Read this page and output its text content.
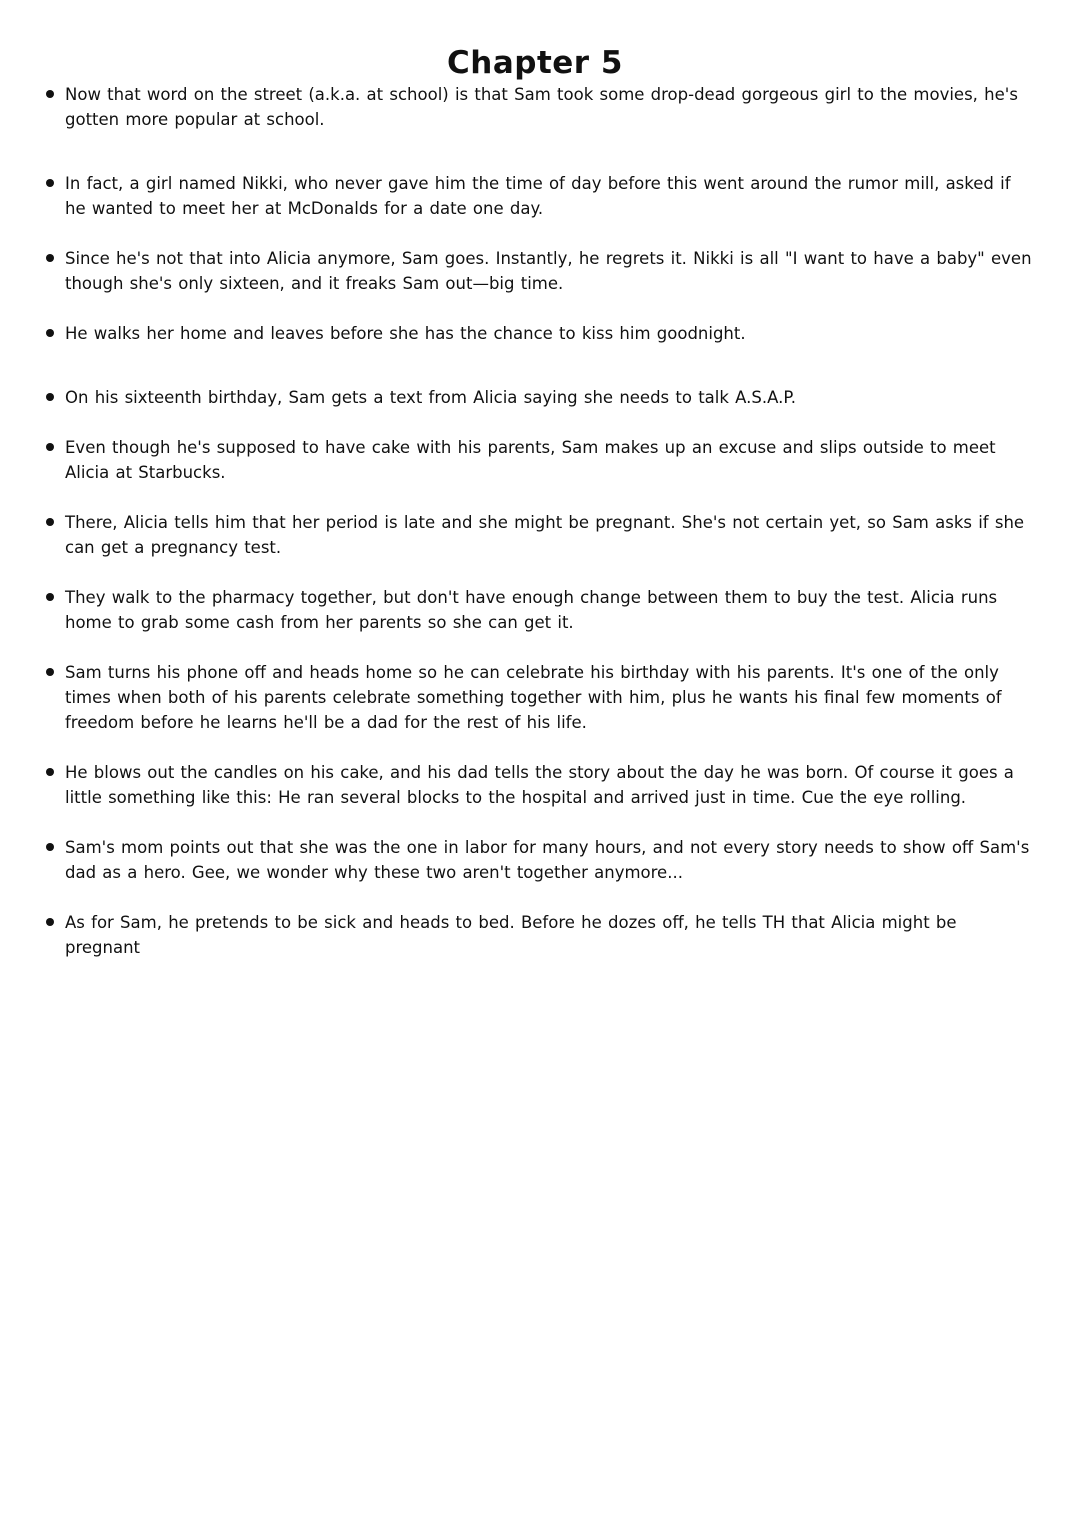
Chapter 5
Now that word on the street (a.k.a. at school) is that Sam took some drop-dead gorgeous girl to the movies, he's gotten more popular at school.
In fact, a girl named Nikki, who never gave him the time of day before this went around the rumor mill, asked if he wanted to meet her at McDonalds for a date one day.
Since he's not that into Alicia anymore, Sam goes. Instantly, he regrets it. Nikki is all "I want to have a baby" even though she's only sixteen, and it freaks Sam out—big time.
He walks her home and leaves before she has the chance to kiss him goodnight.
On his sixteenth birthday, Sam gets a text from Alicia saying she needs to talk A.S.A.P.
Even though he's supposed to have cake with his parents, Sam makes up an excuse and slips outside to meet Alicia at Starbucks.
There, Alicia tells him that her period is late and she might be pregnant. She's not certain yet, so Sam asks if she can get a pregnancy test.
They walk to the pharmacy together, but don't have enough change between them to buy the test. Alicia runs home to grab some cash from her parents so she can get it.
Sam turns his phone off and heads home so he can celebrate his birthday with his parents. It's one of the only times when both of his parents celebrate something together with him, plus he wants his final few moments of freedom before he learns he'll be a dad for the rest of his life.
He blows out the candles on his cake, and his dad tells the story about the day he was born. Of course it goes a little something like this: He ran several blocks to the hospital and arrived just in time. Cue the eye rolling.
Sam's mom points out that she was the one in labor for many hours, and not every story needs to show off Sam's dad as a hero. Gee, we wonder why these two aren't together anymore...
As for Sam, he pretends to be sick and heads to bed. Before he dozes off, he tells TH that Alicia might be pregnant
